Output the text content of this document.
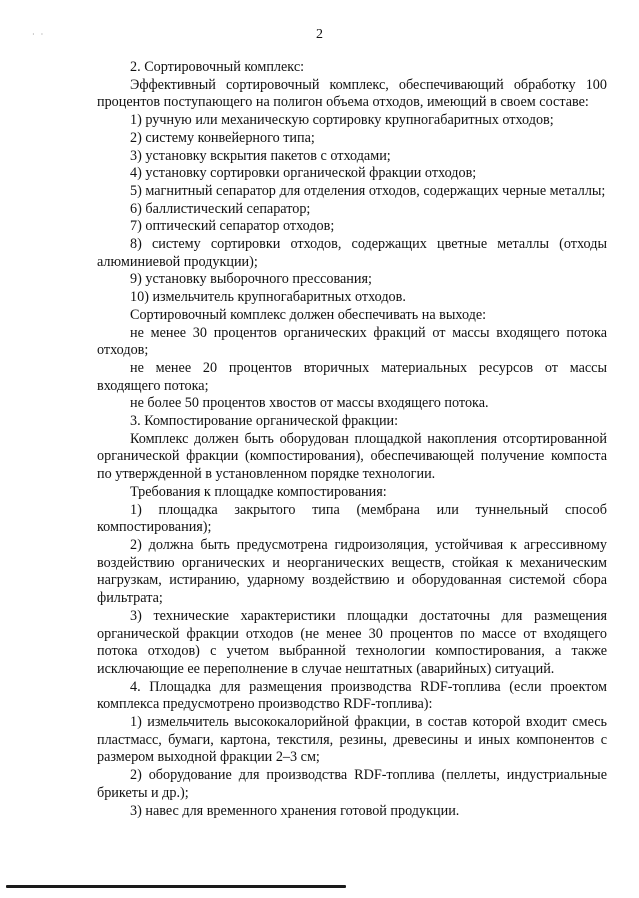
· ·	2

2. Сортировочный комплекс:

Эффективный сортировочный комплекс, обеспечивающий обработку 100 процентов поступающего на полигон объема отходов, имеющий в своем составе:

1) ручную или механическую сортировку крупногабаритных отходов;

2) систему конвейерного типа;

3) установку вскрытия пакетов с отходами;

4) установку сортировки органической фракции отходов;

5) магнитный сепаратор для отделения отходов, содержащих черные металлы;

6) баллистический сепаратор;

7) оптический сепаратор отходов;

8) систему сортировки отходов, содержащих цветные металлы (отходы алюминиевой продукции);

9) установку выборочного прессования;

10) измельчитель крупногабаритных отходов.

Сортировочный комплекс должен обеспечивать на выходе:

не менее 30 процентов органических фракций от массы входящего потока отходов;

не менее 20 процентов вторичных материальных ресурсов от массы входящего потока;

не более 50 процентов хвостов от массы входящего потока.

3. Компостирование органической фракции:

Комплекс должен быть оборудован площадкой накопления отсортированной органической фракции (компостирования), обеспечивающей получение компоста по утвержденной в установленном порядке технологии.

Требования к площадке компостирования:

1) площадка закрытого типа (мембрана или туннельный способ компостирования);

2) должна быть предусмотрена гидроизоляция, устойчивая к агрессивному воздействию органических и неорганических веществ, стойкая к механическим нагрузкам, истиранию, ударному воздействию и оборудованная системой сбора фильтрата;

3) технические характеристики площадки достаточны для размещения органической фракции отходов (не менее 30 процентов по массе от входящего потока отходов) с учетом выбранной технологии компостирования, а также исключающие ее переполнение в случае нештатных (аварийных) ситуаций.

4. Площадка для размещения производства RDF-топлива (если проектом комплекса предусмотрено производство RDF-топлива):

1) измельчитель высококалорийной фракции, в состав которой входит смесь пластмасс, бумаги, картона, текстиля, резины, древесины и иных компонентов с размером выходной фракции 2–3 см;

2) оборудование для производства RDF-топлива (пеллеты, индустриальные брикеты и др.);

3) навес для временного хранения готовой продукции.
